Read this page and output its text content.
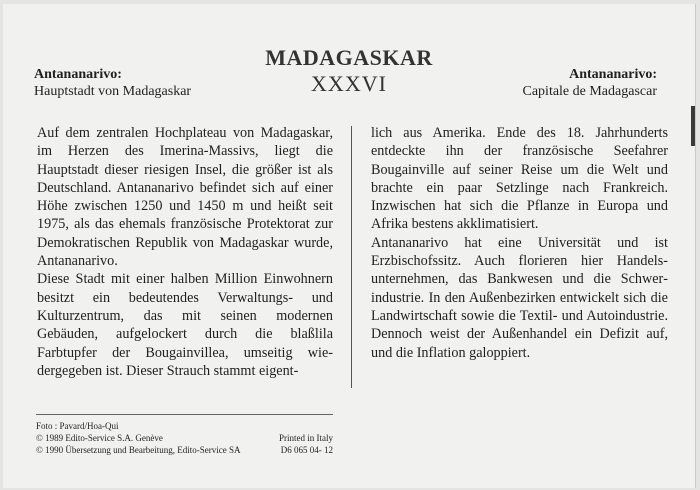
Antananarivo:
Hauptstadt von Madagaskar
MADAGASKAR
XXXVI	Antananarivo:
Capitale de Madagascar

Auf dem zentralen Hochplateau von Madagaskar, im Herzen des Imerina-Massivs, liegt die Hauptstadt dieser riesigen Insel, die größer ist als Deutschland. Antananarivo befindet sich auf einer Höhe zwischen 1250 und 1450 m und heißt seit 1975, als das ehemals französische Protektorat zur Demokratischen Republik von Madagaskar wurde, Antananarivo.

Diese Stadt mit einer halben Million Einwohnern besitzt ein bedeutendes Verwaltungs- und Kulturzentrum, das mit seinen modernen Gebäuden, aufgelockert durch die blaßlila Farbtupfer der Bougainvillea, umseitig wiedergegeben ist. Dieser Strauch stammt eigent-

lich aus Amerika. Ende des 18. Jahrhunderts entdeckte ihn der französische Seefahrer Bougainville auf seiner Reise um die Welt und brachte ein paar Setzlinge nach Frankreich. Inzwischen hat sich die Pflanze in Europa und Afrika bestens akklimatisiert.

Antananarivo hat eine Universität und ist Erzbischofssitz. Auch florieren hier Handelsunternehmen, das Bankwesen und die Schwerindustrie. In den Außenbezirken entwickelt sich die Landwirtschaft sowie die Textil- und Autoindustrie. Dennoch weist der Außenhandel ein Defizit auf, und die Inflation galoppiert.

Foto : Pavard/Hoa-Qui
© 1989 Edito-Service S.A. Genève	Printed in Italy
© 1990 Übersetzung und Bearbeitung, Edito-Service SA	D6 065 04- 12
